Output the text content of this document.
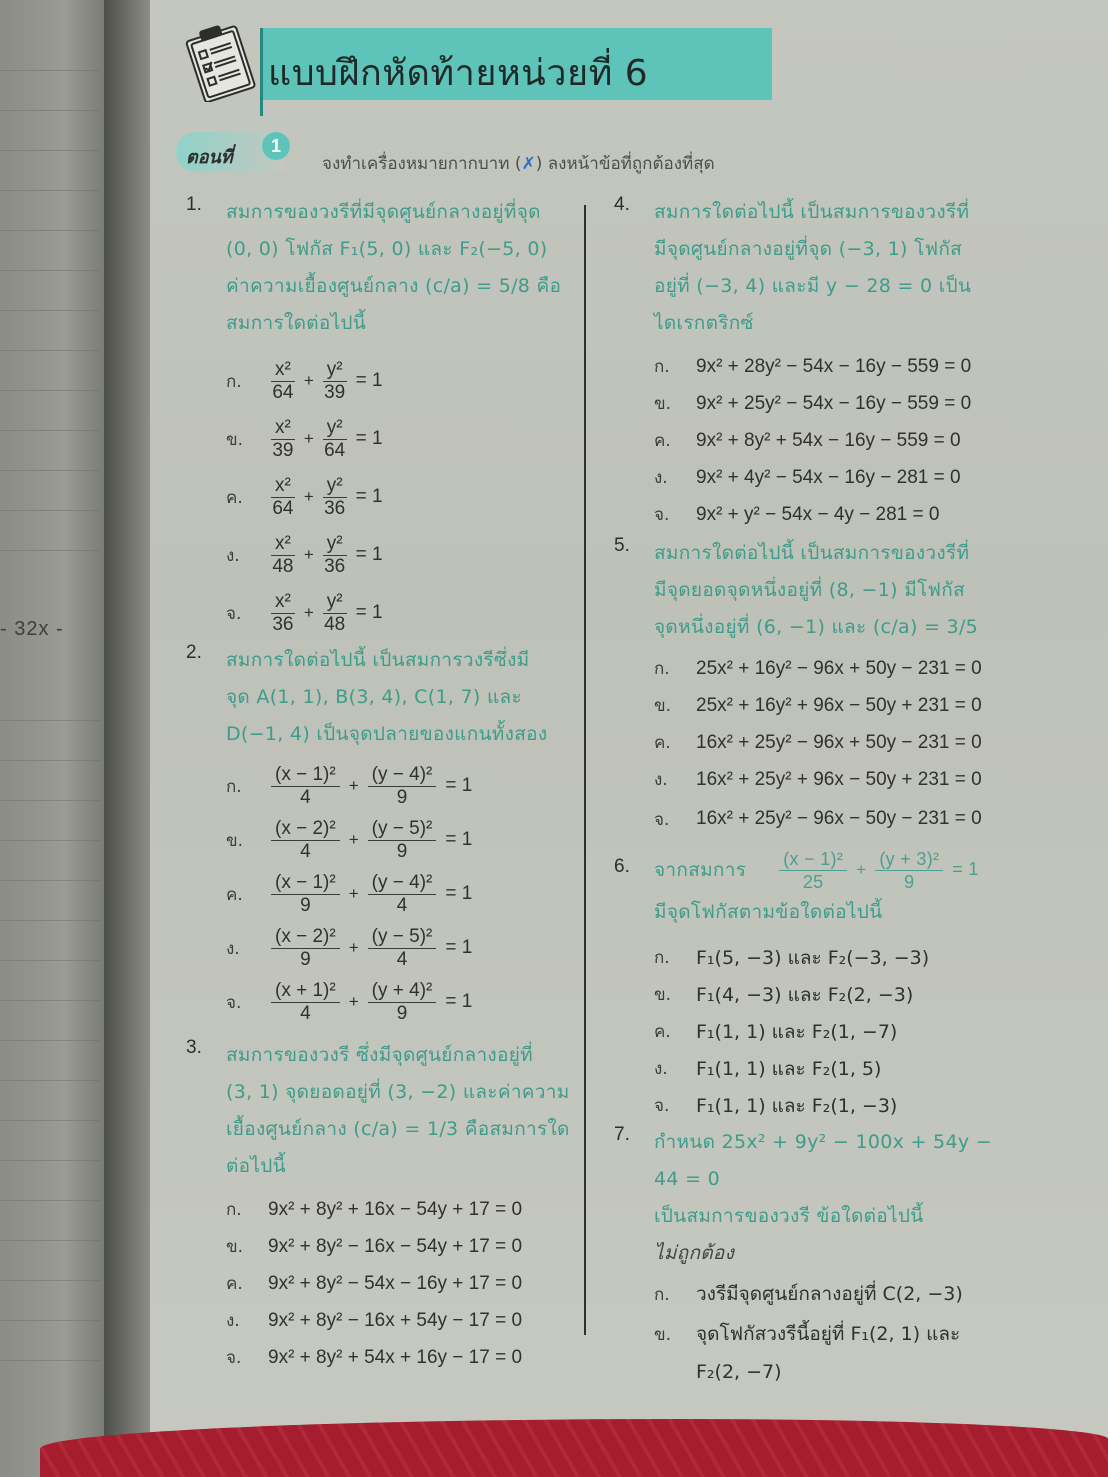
- 32x -
แบบฝึกหัดท้ายหน่วยที่ 6
ตอนที่
1
จงทำเครื่องหมายกากบาท (✗) ลงหน้าข้อที่ถูกต้องที่สุด
1. สมการของวงรีที่มีจุดศูนย์กลางอยู่ที่จุด
(0, 0) โฟกัส F₁(5, 0) และ F₂(−5, 0)
ค่าความเยื้องศูนย์กลาง (c/a) = 5/8 คือ
สมการใดต่อไปนี้
ก.	$\frac{\text{x²}}{64} + \frac{\text{y²}}{39} = 1$
ข.	$\frac{\text{x²}}{39} + \frac{\text{y²}}{64} = 1$
ค.	$\frac{\text{x²}}{64} + \frac{\text{y²}}{36} = 1$
ง.	$\frac{\text{x²}}{48} + \frac{\text{y²}}{36} = 1$
จ.	$\frac{\text{x²}}{36} + \frac{\text{y²}}{48} = 1$
2. สมการใดต่อไปนี้ เป็นสมการวงรีซึ่งมี
จุด A(1, 1), B(3, 4), C(1, 7) และ
D(−1, 4) เป็นจุดปลายของแกนทั้งสอง
ก.	$\frac{\text{(x − 1)²}}{4} + \frac{\text{(y − 4)²}}{9} = 1$
ข.	$\frac{\text{(x − 2)²}}{4} + \frac{\text{(y − 5)²}}{9} = 1$
ค.	$\frac{\text{(x − 1)²}}{9} + \frac{\text{(y − 4)²}}{4} = 1$
ง.	$\frac{\text{(x − 2)²}}{9} + \frac{\text{(y − 5)²}}{4} = 1$
จ.	$\frac{\text{(x + 1)²}}{4} + \frac{\text{(y + 4)²}}{9} = 1$
3. สมการของวงรี ซึ่งมีจุดศูนย์กลางอยู่ที่
(3, 1) จุดยอดอยู่ที่ (3, −2) และค่าความ
เยื้องศูนย์กลาง (c/a) = 1/3 คือสมการใด
ต่อไปนี้
ก.	9x² + 8y² + 16x − 54y + 17 = 0
ข.	9x² + 8y² − 16x − 54y + 17 = 0
ค.	9x² + 8y² − 54x − 16y + 17 = 0
ง.	9x² + 8y² − 16x + 54y − 17 = 0
จ.	9x² + 8y² + 54x + 16y − 17 = 0
4. สมการใดต่อไปนี้ เป็นสมการของวงรีที่
มีจุดศูนย์กลางอยู่ที่จุด (−3, 1) โฟกัส
อยู่ที่ (−3, 4) และมี y − 28 = 0 เป็น
ไดเรกตริกซ์
ก.	9x² + 28y² − 54x − 16y − 559 = 0
ข.	9x² + 25y² − 54x − 16y − 559 = 0
ค.	9x² + 8y² + 54x − 16y − 559 = 0
ง.	9x² + 4y² − 54x − 16y − 281 = 0
จ.	9x² + y² − 54x − 4y − 281 = 0
5. สมการใดต่อไปนี้ เป็นสมการของวงรีที่
มีจุดยอดจุดหนึ่งอยู่ที่ (8, −1) มีโฟกัส
จุดหนึ่งอยู่ที่ (6, −1) และ (c/a) = 3/5
ก.	25x² + 16y² − 96x + 50y − 231 = 0
ข.	25x² + 16y² + 96x − 50y + 231 = 0
ค.	16x² + 25y² − 96x + 50y − 231 = 0
ง.	16x² + 25y² + 96x − 50y + 231 = 0
จ.	16x² + 25y² − 96x − 50y − 231 = 0
6. จากสมการ $\frac{\text{(x − 1)²}}{25} + \frac{\text{(y + 3)²}}{9} = 1$
มีจุดโฟกัสตามข้อใดต่อไปนี้
ก.	F₁(5, −3) และ F₂(−3, −3)
ข.	F₁(4, −3) และ F₂(2, −3)
ค.	F₁(1, 1) และ F₂(1, −7)
ง.	F₁(1, 1) และ F₂(1, 5)
จ.	F₁(1, 1) และ F₂(1, −3)
7. กำหนด 25x² + 9y² − 100x + 54y − 44 = 0
เป็นสมการของวงรี ข้อใดต่อไปนี้
ไม่ถูกต้อง
ก.	วงรีมีจุดศูนย์กลางอยู่ที่ C(2, −3)
ข.	จุดโฟกัสวงรีนี้อยู่ที่ F₁(2, 1) และ
F₂(2, −7)
